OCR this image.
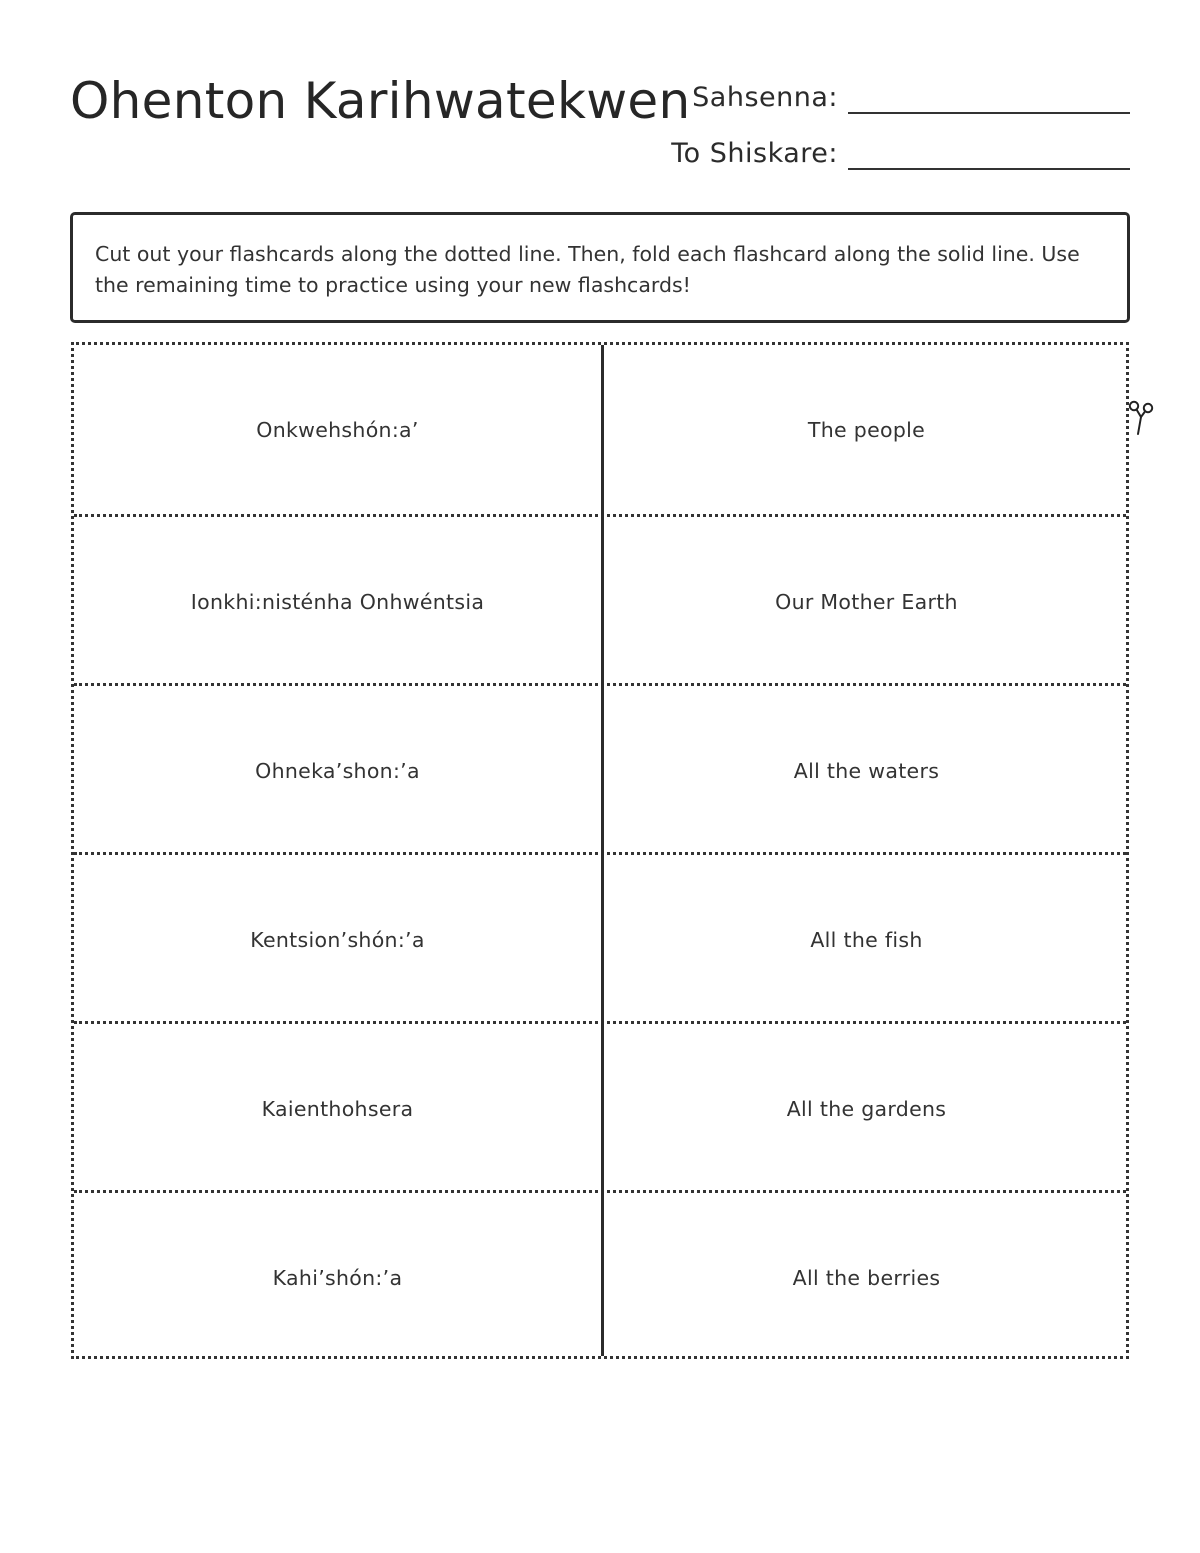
Ohenton Karihwatekwen Sahsenna:
To Shiskare:
Cut out your flashcards along the dotted line. Then, fold each flashcard along the solid line. Use the remaining time to practice using your new flashcards!
Onkwehshón:a’	The people
Ionkhi:nisténha Onhwéntsia	Our Mother Earth
Ohneka’shon:’a	All the waters
Kentsion’shón:’a	All the fish
Kaienthohsera	All the gardens
Kahi’shón:’a	All the berries
